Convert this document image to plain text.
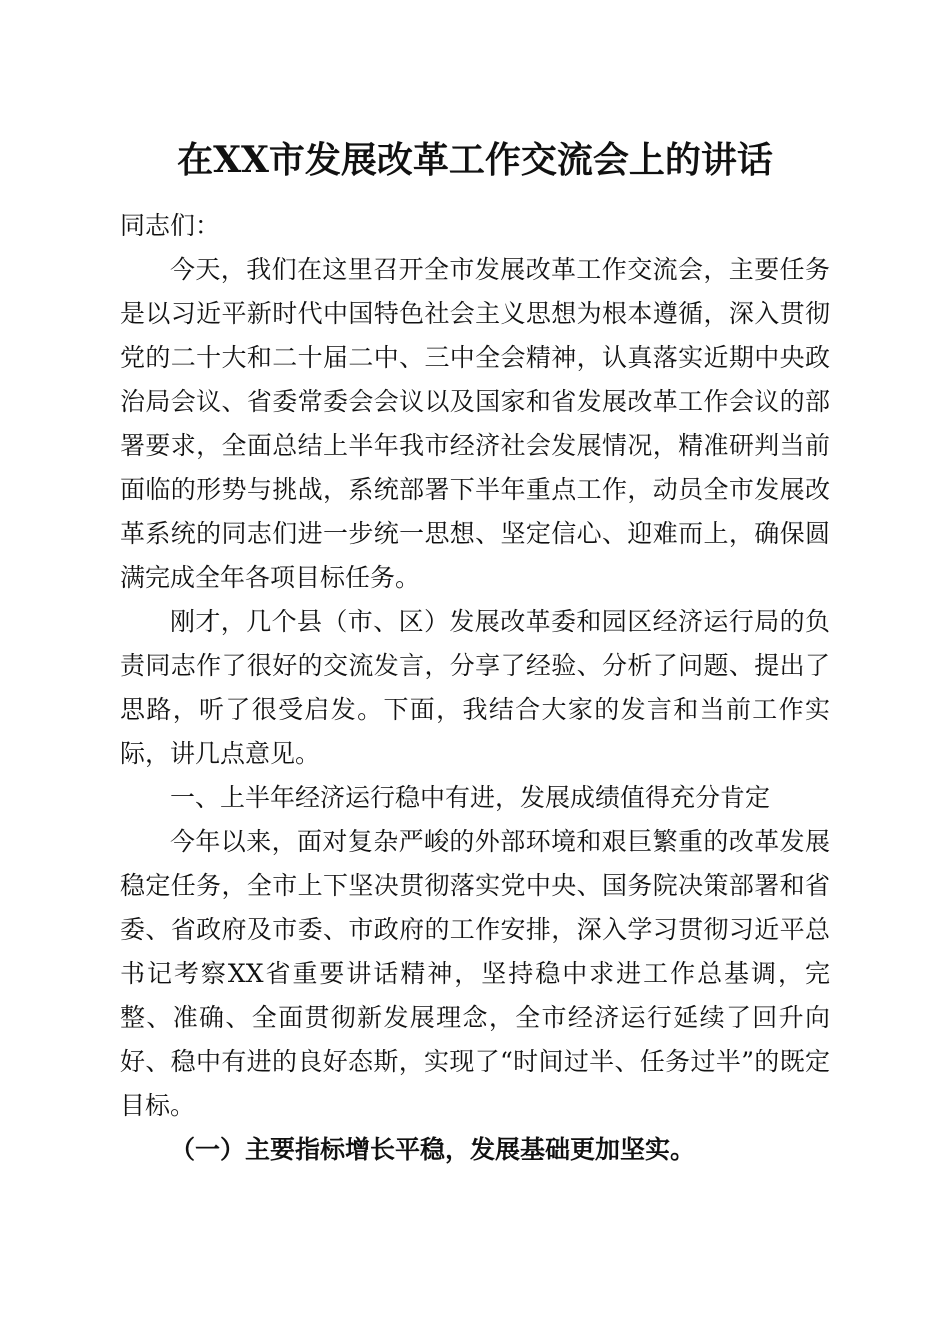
在XX市发展改革工作交流会上的讲话

同志们：

今天，我们在这里召开全市发展改革工作交流会，主要任务是以习近平新时代中国特色社会主义思想为根本遵循，深入贯彻党的二十大和二十届二中、三中全会精神，认真落实近期中央政治局会议、省委常委会会议以及国家和省发展改革工作会议的部署要求，全面总结上半年我市经济社会发展情况，精准研判当前面临的形势与挑战，系统部署下半年重点工作，动员全市发展改革系统的同志们进一步统一思想、坚定信心、迎难而上，确保圆满完成全年各项目标任务。

刚才，几个县（市、区）发展改革委和园区经济运行局的负责同志作了很好的交流发言，分享了经验、分析了问题、提出了思路，听了很受启发。下面，我结合大家的发言和当前工作实际，讲几点意见。

一、上半年经济运行稳中有进，发展成绩值得充分肯定

今年以来，面对复杂严峻的外部环境和艰巨繁重的改革发展稳定任务，全市上下坚决贯彻落实党中央、国务院决策部署和省委、省政府及市委、市政府的工作安排，深入学习贯彻习近平总书记考察XX省重要讲话精神，坚持稳中求进工作总基调，完整、准确、全面贯彻新发展理念，全市经济运行延续了回升向好、稳中有进的良好态斯，实现了“时间过半、任务过半”的既定目标。

（一）主要指标增长平稳，发展基础更加坚实。
